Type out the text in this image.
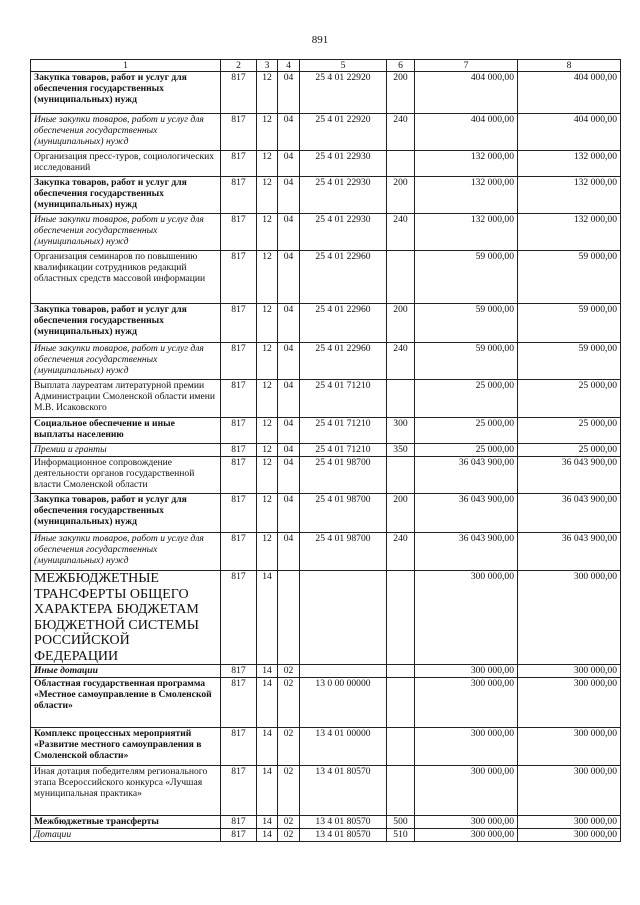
891
1	2	3	4	5	6	7	8
Закупка товаров, работ и услуг для обеспечения государственных (муниципальных) нужд	817	12	04	25 4 01 22920	200	404 000,00	404 000,00
Иные закупки товаров, работ и услуг для обеспечения государственных (муниципальных) нужд	817	12	04	25 4 01 22920	240	404 000,00	404 000,00
Организация пресс-туров, социологических исследований	817	12	04	25 4 01 22930		132 000,00	132 000,00
Закупка товаров, работ и услуг для обеспечения государственных (муниципальных) нужд	817	12	04	25 4 01 22930	200	132 000,00	132 000,00
Иные закупки товаров, работ и услуг для обеспечения государственных (муниципальных) нужд	817	12	04	25 4 01 22930	240	132 000,00	132 000,00
Организация семинаров по повышению квалификации сотрудников редакций областных средств массовой информации	817	12	04	25 4 01 22960		59 000,00	59 000,00
Закупка товаров, работ и услуг для обеспечения государственных (муниципальных) нужд	817	12	04	25 4 01 22960	200	59 000,00	59 000,00
Иные закупки товаров, работ и услуг для обеспечения государственных (муниципальных) нужд	817	12	04	25 4 01 22960	240	59 000,00	59 000,00
Выплата лауреатам литературной премии Администрации Смоленской области имени М.В. Исаковского	817	12	04	25 4 01 71210		25 000,00	25 000,00
Социальное обеспечение и иные выплаты населению	817	12	04	25 4 01 71210	300	25 000,00	25 000,00
Премии и гранты	817	12	04	25 4 01 71210	350	25 000,00	25 000,00
Информационное сопровождение деятельности органов государственной власти Смоленской области	817	12	04	25 4 01 98700		36 043 900,00	36 043 900,00
Закупка товаров, работ и услуг для обеспечения государственных (муниципальных) нужд	817	12	04	25 4 01 98700	200	36 043 900,00	36 043 900,00
Иные закупки товаров, работ и услуг для обеспечения государственных (муниципальных) нужд	817	12	04	25 4 01 98700	240	36 043 900,00	36 043 900,00
МЕЖБЮДЖЕТНЫЕ ТРАНСФЕРТЫ ОБЩЕГО ХАРАКТЕРА БЮДЖЕТАМ БЮДЖЕТНОЙ СИСТЕМЫ РОССИЙСКОЙ ФЕДЕРАЦИИ	817	14				300 000,00	300 000,00
Иные дотации	817	14	02			300 000,00	300 000,00
Областная государственная программа «Местное самоуправление в Смоленской области»	817	14	02	13 0 00 00000		300 000,00	300 000,00
Комплекс процессных мероприятий «Развитие местного самоуправления в Смоленской области»	817	14	02	13 4 01 00000		300 000,00	300 000,00
Иная дотация победителям регионального этапа Всероссийского конкурса «Лучшая муниципальная практика»	817	14	02	13 4 01 80570		300 000,00	300 000,00
Межбюджетные трансферты	817	14	02	13 4 01 80570	500	300 000,00	300 000,00
Дотации	817	14	02	13 4 01 80570	510	300 000,00	300 000,00
